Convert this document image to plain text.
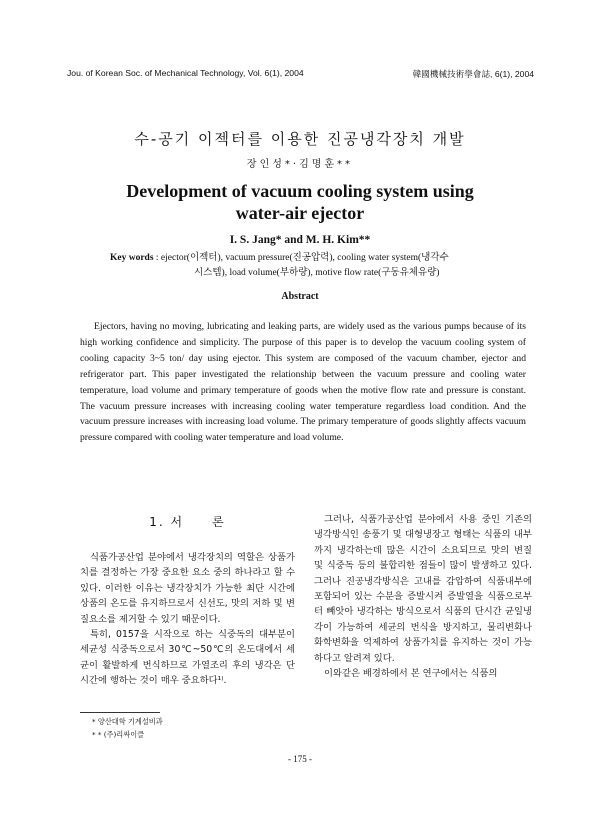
Jou. of Korean Soc. of Mechanical Technology, Vol. 6(1), 2004	韓國機械技術學會誌, 6(1), 2004
수-공기 이젝터를 이용한 진공냉각장치 개발
장인성*·김명훈**
Development of vacuum cooling system using
water-air ejector
I. S. Jang* and M. H. Kim**
Key words : ejector(이젝터), vacuum pressure(진공압력), cooling water system(냉각수
시스템), load volume(부하량), motive flow rate(구동유체유량)
Abstract

Ejectors, having no moving, lubricating and leaking parts, are widely used as the various pumps because of its high working confidence and simplicity. The purpose of this paper is to develop the vacuum cooling system of cooling capacity 3~5 ton/ day using ejector. This system are composed of the vacuum chamber, ejector and refrigerator part. This paper investigated the relationship between the vacuum pressure and cooling water temperature, load volume and primary temperature of goods when the motive flow rate and pressure is constant. The vacuum pressure increases with increasing cooling water temperature regardless load condition. And the vacuum pressure increases with increasing load volume. The primary temperature of goods slightly affects vacuum pressure compared with cooling water temperature and load volume.

1. 서　　론

식품가공산업 분야에서 냉각장치의 역할은 상품가치를 결정하는 가장 중요한 요소 중의 하나라고 할 수 있다. 이러한 이유는 냉각장치가 가능한 최단 시간에 상품의 온도를 유지하므로서 신선도, 맛의 저하 및 변질요소를 제거할 수 있기 때문이다.

특히, 0157을 시작으로 하는 식중독의 대부분이 세균성 식중독으로서 30℃~50℃의 온도대에서 세균이 활발하게 번식하므로 가열조리 후의 냉각은 단시간에 행하는 것이 매우 중요하다¹⁾.

그러나, 식품가공산업 분야에서 사용 중인 기존의 냉각방식인 송풍기 및 대형냉장고 형태는 식품의 내부까지 냉각하는데 많은 시간이 소요되므로 맛의 변질 및 식중독 등의 불합리한 점들이 많이 발생하고 있다. 그러나 진공냉각방식은 고내를 감압하여 식품내부에 포함되어 있는 수분을 증발시켜 증발열을 식품으로부터 빼앗아 냉각하는 방식으로서 식품의 단시간 균일냉각이 가능하여 세균의 번식을 방지하고, 물리변화나 화학변화을 억제하여 상품가치를 유지하는 것이 가능하다고 알려져 있다.

이와같은 배경하에서 본 연구에서는 식품의

* 양산대학 기계설비과
* * (주)리싸이클
- 175 -
